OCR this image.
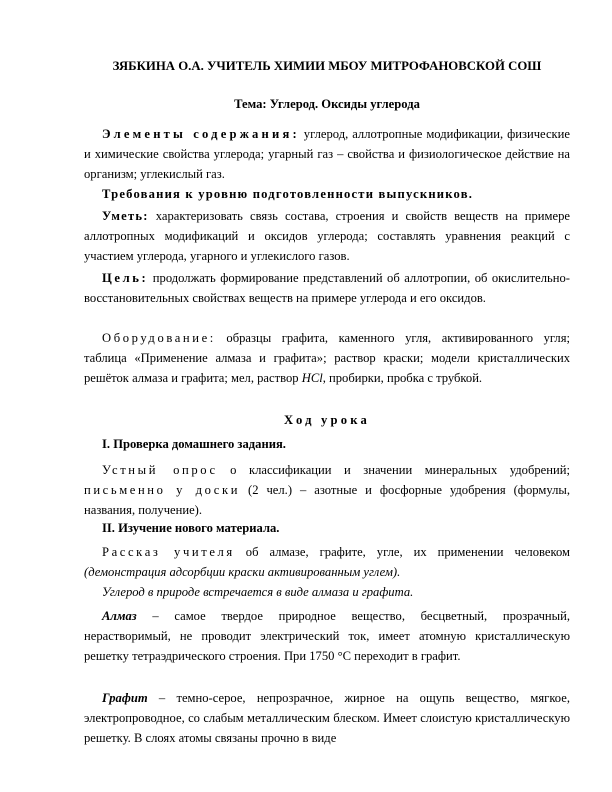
ЗЯБКИНА О.А. УЧИТЕЛЬ ХИМИИ МБОУ МИТРОФАНОВСКОЙ СОШ
Тема: Углерод. Оксиды углерода
Элементы содержания: углерод, аллотропные модификации, физические и химические свойства углерода; угарный газ – свойства и физиологическое действие на организм; углекислый газ.
Требования к уровню подготовленности выпускников.
Уметь: характеризовать связь состава, строения и свойств веществ на примере аллотропных модификаций и оксидов углерода; составлять уравнения реакций с участием углерода, угарного и углекислого газов.
Цель: продолжать формирование представлений об аллотропии, об окислительно-восстановительных свойствах веществ на примере углерода и его оксидов.
Оборудование: образцы графита, каменного угля, активированного угля; таблица «Применение алмаза и графита»; раствор краски; модели кристаллических решёток алмаза и графита; мел, раствор HCl, пробирки, пробка с трубкой.
Ход урока
I. Проверка домашнего задания.
Устный опрос о классификации и значении минеральных удобрений; письменно у доски (2 чел.) – азотные и фосфорные удобрения (формулы, названия, получение).
II. Изучение нового материала.
Рассказ учителя об алмазе, графите, угле, их применении человеком (демонстрация адсорбции краски активированным углем).
Углерод в природе встречается в виде алмаза и графита.
Алмаз – самое твердое природное вещество, бесцветный, прозрачный, нерастворимый, не проводит электрический ток, имеет атомную кристаллическую решетку тетраэдрического строения. При 1750 °С переходит в графит.
Графит – темно-серое, непрозрачное, жирное на ощупь вещество, мягкое, электропроводное, со слабым металлическим блеском. Имеет слоистую кристаллическую решетку. В слоях атомы связаны прочно в виде
